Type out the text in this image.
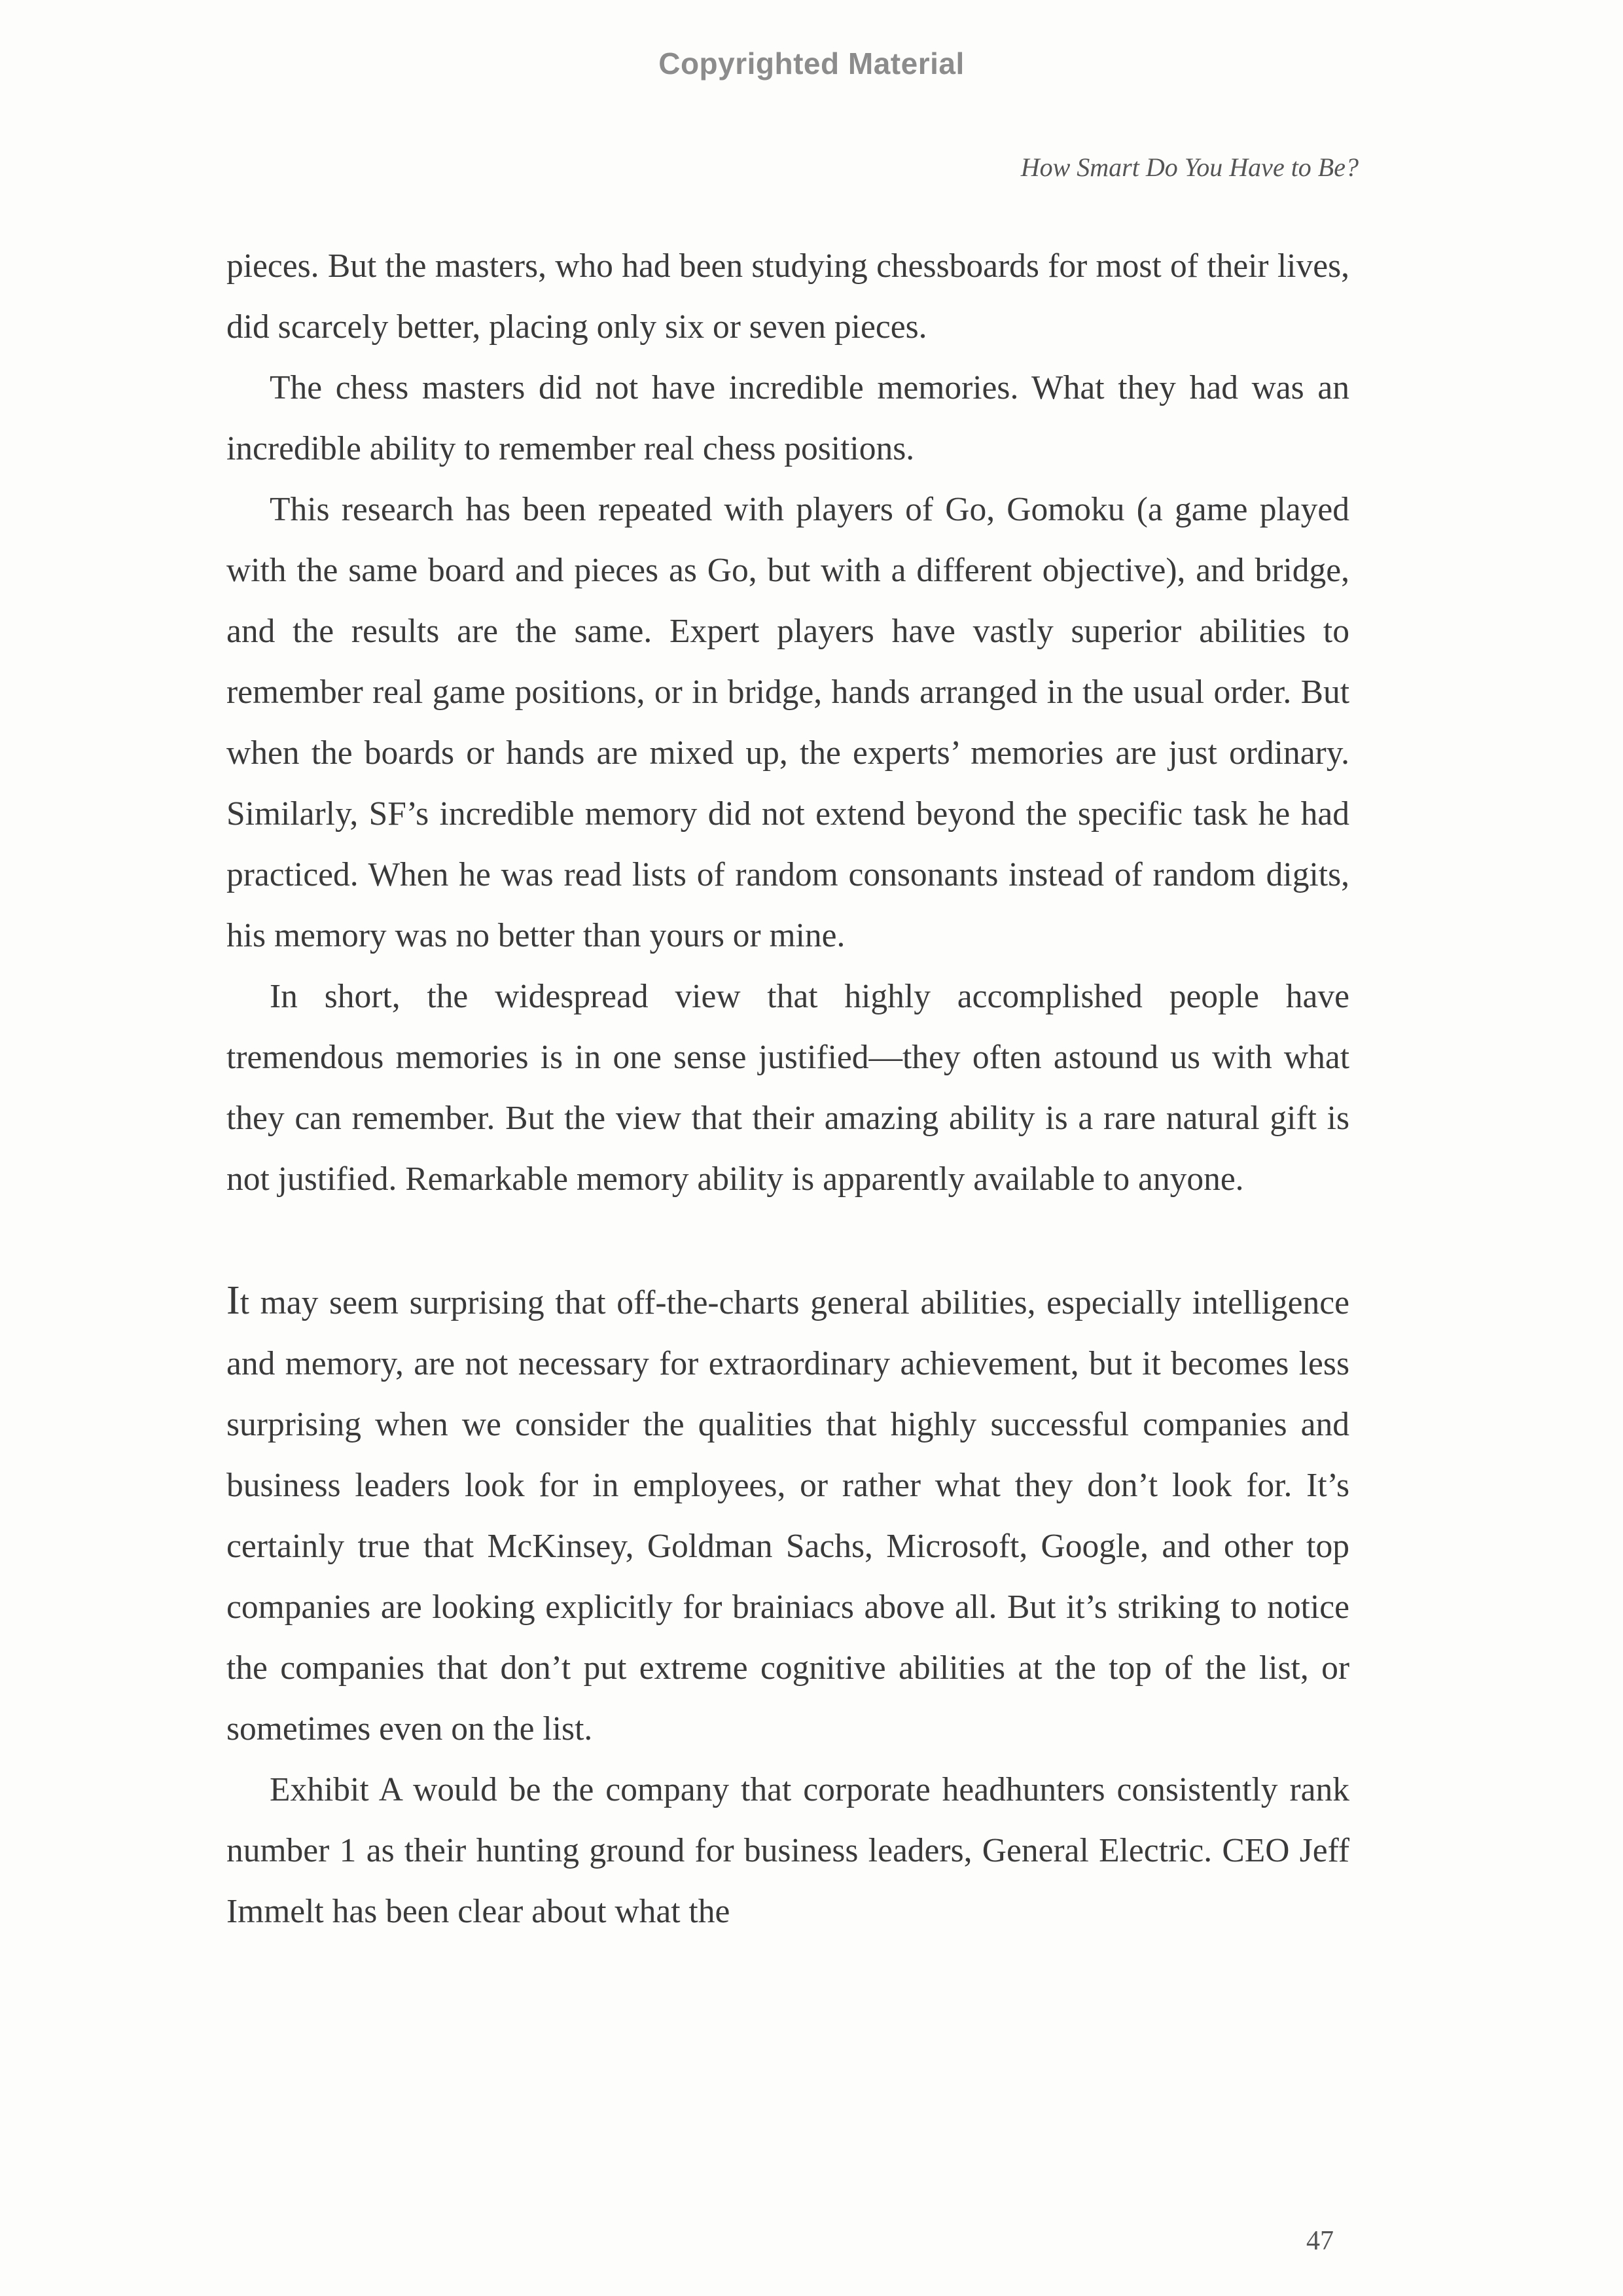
Copyrighted Material
How Smart Do You Have to Be?

pieces. But the masters, who had been studying chessboards for most of their lives, did scarcely better, placing only six or seven pieces.

The chess masters did not have incredible memories. What they had was an incredible ability to remember real chess positions.

This research has been repeated with players of Go, Gomoku (a game played with the same board and pieces as Go, but with a different objective), and bridge, and the results are the same. Expert players have vastly superior abilities to remember real game positions, or in bridge, hands arranged in the usual order. But when the boards or hands are mixed up, the experts’ memories are just ordinary. Similarly, SF’s incredible memory did not extend beyond the specific task he had practiced. When he was read lists of random consonants instead of random digits, his memory was no better than yours or mine.

In short, the widespread view that highly accomplished people have tremendous memories is in one sense justified—they often astound us with what they can remember. But the view that their amazing ability is a rare natural gift is not justified. Remarkable memory ability is apparently available to anyone.

It may seem surprising that off-the-charts general abilities, especially intelligence and memory, are not necessary for extraordinary achievement, but it becomes less surprising when we consider the qualities that highly successful companies and business leaders look for in employees, or rather what they don’t look for. It’s certainly true that McKinsey, Goldman Sachs, Microsoft, Google, and other top companies are looking explicitly for brainiacs above all. But it’s striking to notice the companies that don’t put extreme cognitive abilities at the top of the list, or sometimes even on the list.

Exhibit A would be the company that corporate headhunters consistently rank number 1 as their hunting ground for business leaders, General Electric. CEO Jeff Immelt has been clear about what the

47
